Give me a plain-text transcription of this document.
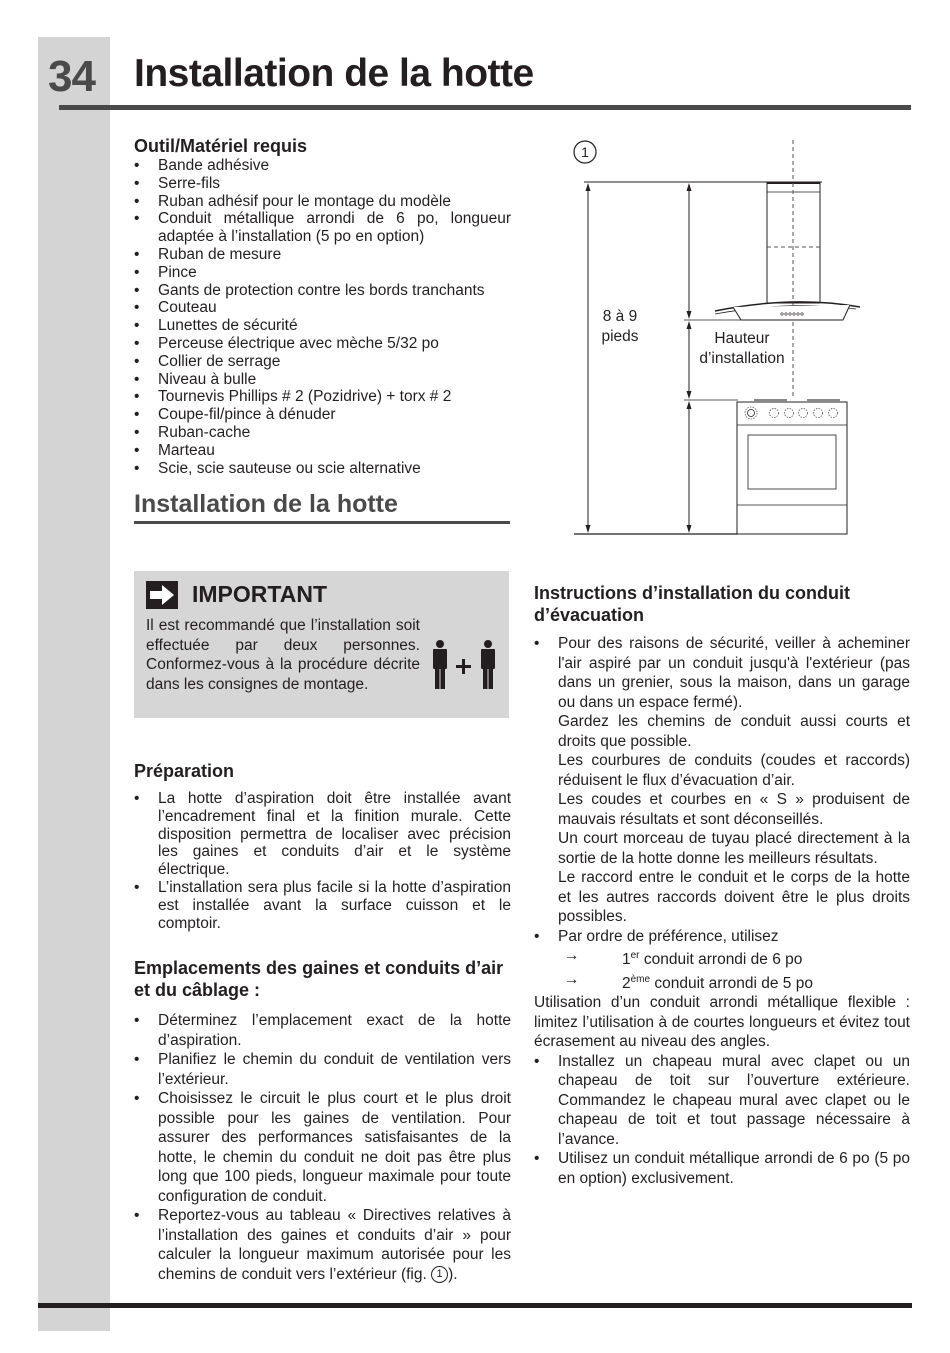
34 Installation de la hotte
Outil/Matériel requis
• Bande adhésive
• Serre-fils
• Ruban adhésif pour le montage du modèle
• Conduit métallique arrondi de 6 po, longueur adaptée à l’installation (5 po en option)
• Ruban de mesure
• Pince
• Gants de protection contre les bords tranchants
• Couteau
• Lunettes de sécurité
• Perceuse électrique avec mèche 5/32 po
• Collier de serrage
• Niveau à bulle
• Tournevis Phillips # 2 (Pozidrive) + torx # 2
• Coupe-fil/pince à dénuder
• Ruban-cache
• Marteau
• Scie, scie sauteuse ou scie alternative
Installation de la hotte
1
8 à 9
pieds	Hauteur
d’installation
IMPORTANT
Il est recommandé que l’installation soit effectuée par deux personnes. Conformez-vous à la procédure décrite dans les consignes de montage.
Préparation
• La hotte d’aspiration doit être installée avant l’encadrement final et la finition murale. Cette disposition permettra de localiser avec précision les gaines et conduits d’air et le système électrique.
• L’installation sera plus facile si la hotte d’aspiration est installée avant la surface cuisson et le comptoir.
Emplacements des gaines et conduits d’air et du câblage :
• Déterminez l’emplacement exact de la hotte d’aspiration.
• Planifiez le chemin du conduit de ventilation vers l’extérieur.
• Choisissez le circuit le plus court et le plus droit possible pour les gaines de ventilation. Pour assurer des performances satisfaisantes de la hotte, le chemin du conduit ne doit pas être plus long que 100 pieds, longueur maximale pour toute configuration de conduit.
• Reportez-vous au tableau « Directives relatives à l’installation des gaines et conduits d’air » pour calculer la longueur maximum autorisée pour les chemins de conduit vers l’extérieur (fig. 1 ).
Instructions d’installation du conduit d’évacuation
• Pour des raisons de sécurité, veiller à acheminer l'air aspiré par un conduit jusqu'à l'extérieur (pas dans un grenier, sous la maison, dans un garage ou dans un espace fermé).
Gardez les chemins de conduit aussi courts et droits que possible.
Les courbures de conduits (coudes et raccords) réduisent le flux d’évacuation d’air.
Les coudes et courbes en « S » produisent de mauvais résultats et sont déconseillés.
Un court morceau de tuyau placé directement à la sortie de la hotte donne les meilleurs résultats.
Le raccord entre le conduit et le corps de la hotte et les autres raccords doivent être le plus droits possibles.
• Par ordre de préférence, utilisez
→	1er conduit arrondi de 6 po
→	2ème conduit arrondi de 5 po
Utilisation d’un conduit arrondi métallique flexible : limitez l’utilisation à de courtes longueurs et évitez tout écrasement au niveau des angles.
• Installez un chapeau mural avec clapet ou un chapeau de toit sur l’ouverture extérieure. Commandez le chapeau mural avec clapet ou le chapeau de toit et tout passage nécessaire à l’avance.
• Utilisez un conduit métallique arrondi de 6 po (5 po en option) exclusivement.
